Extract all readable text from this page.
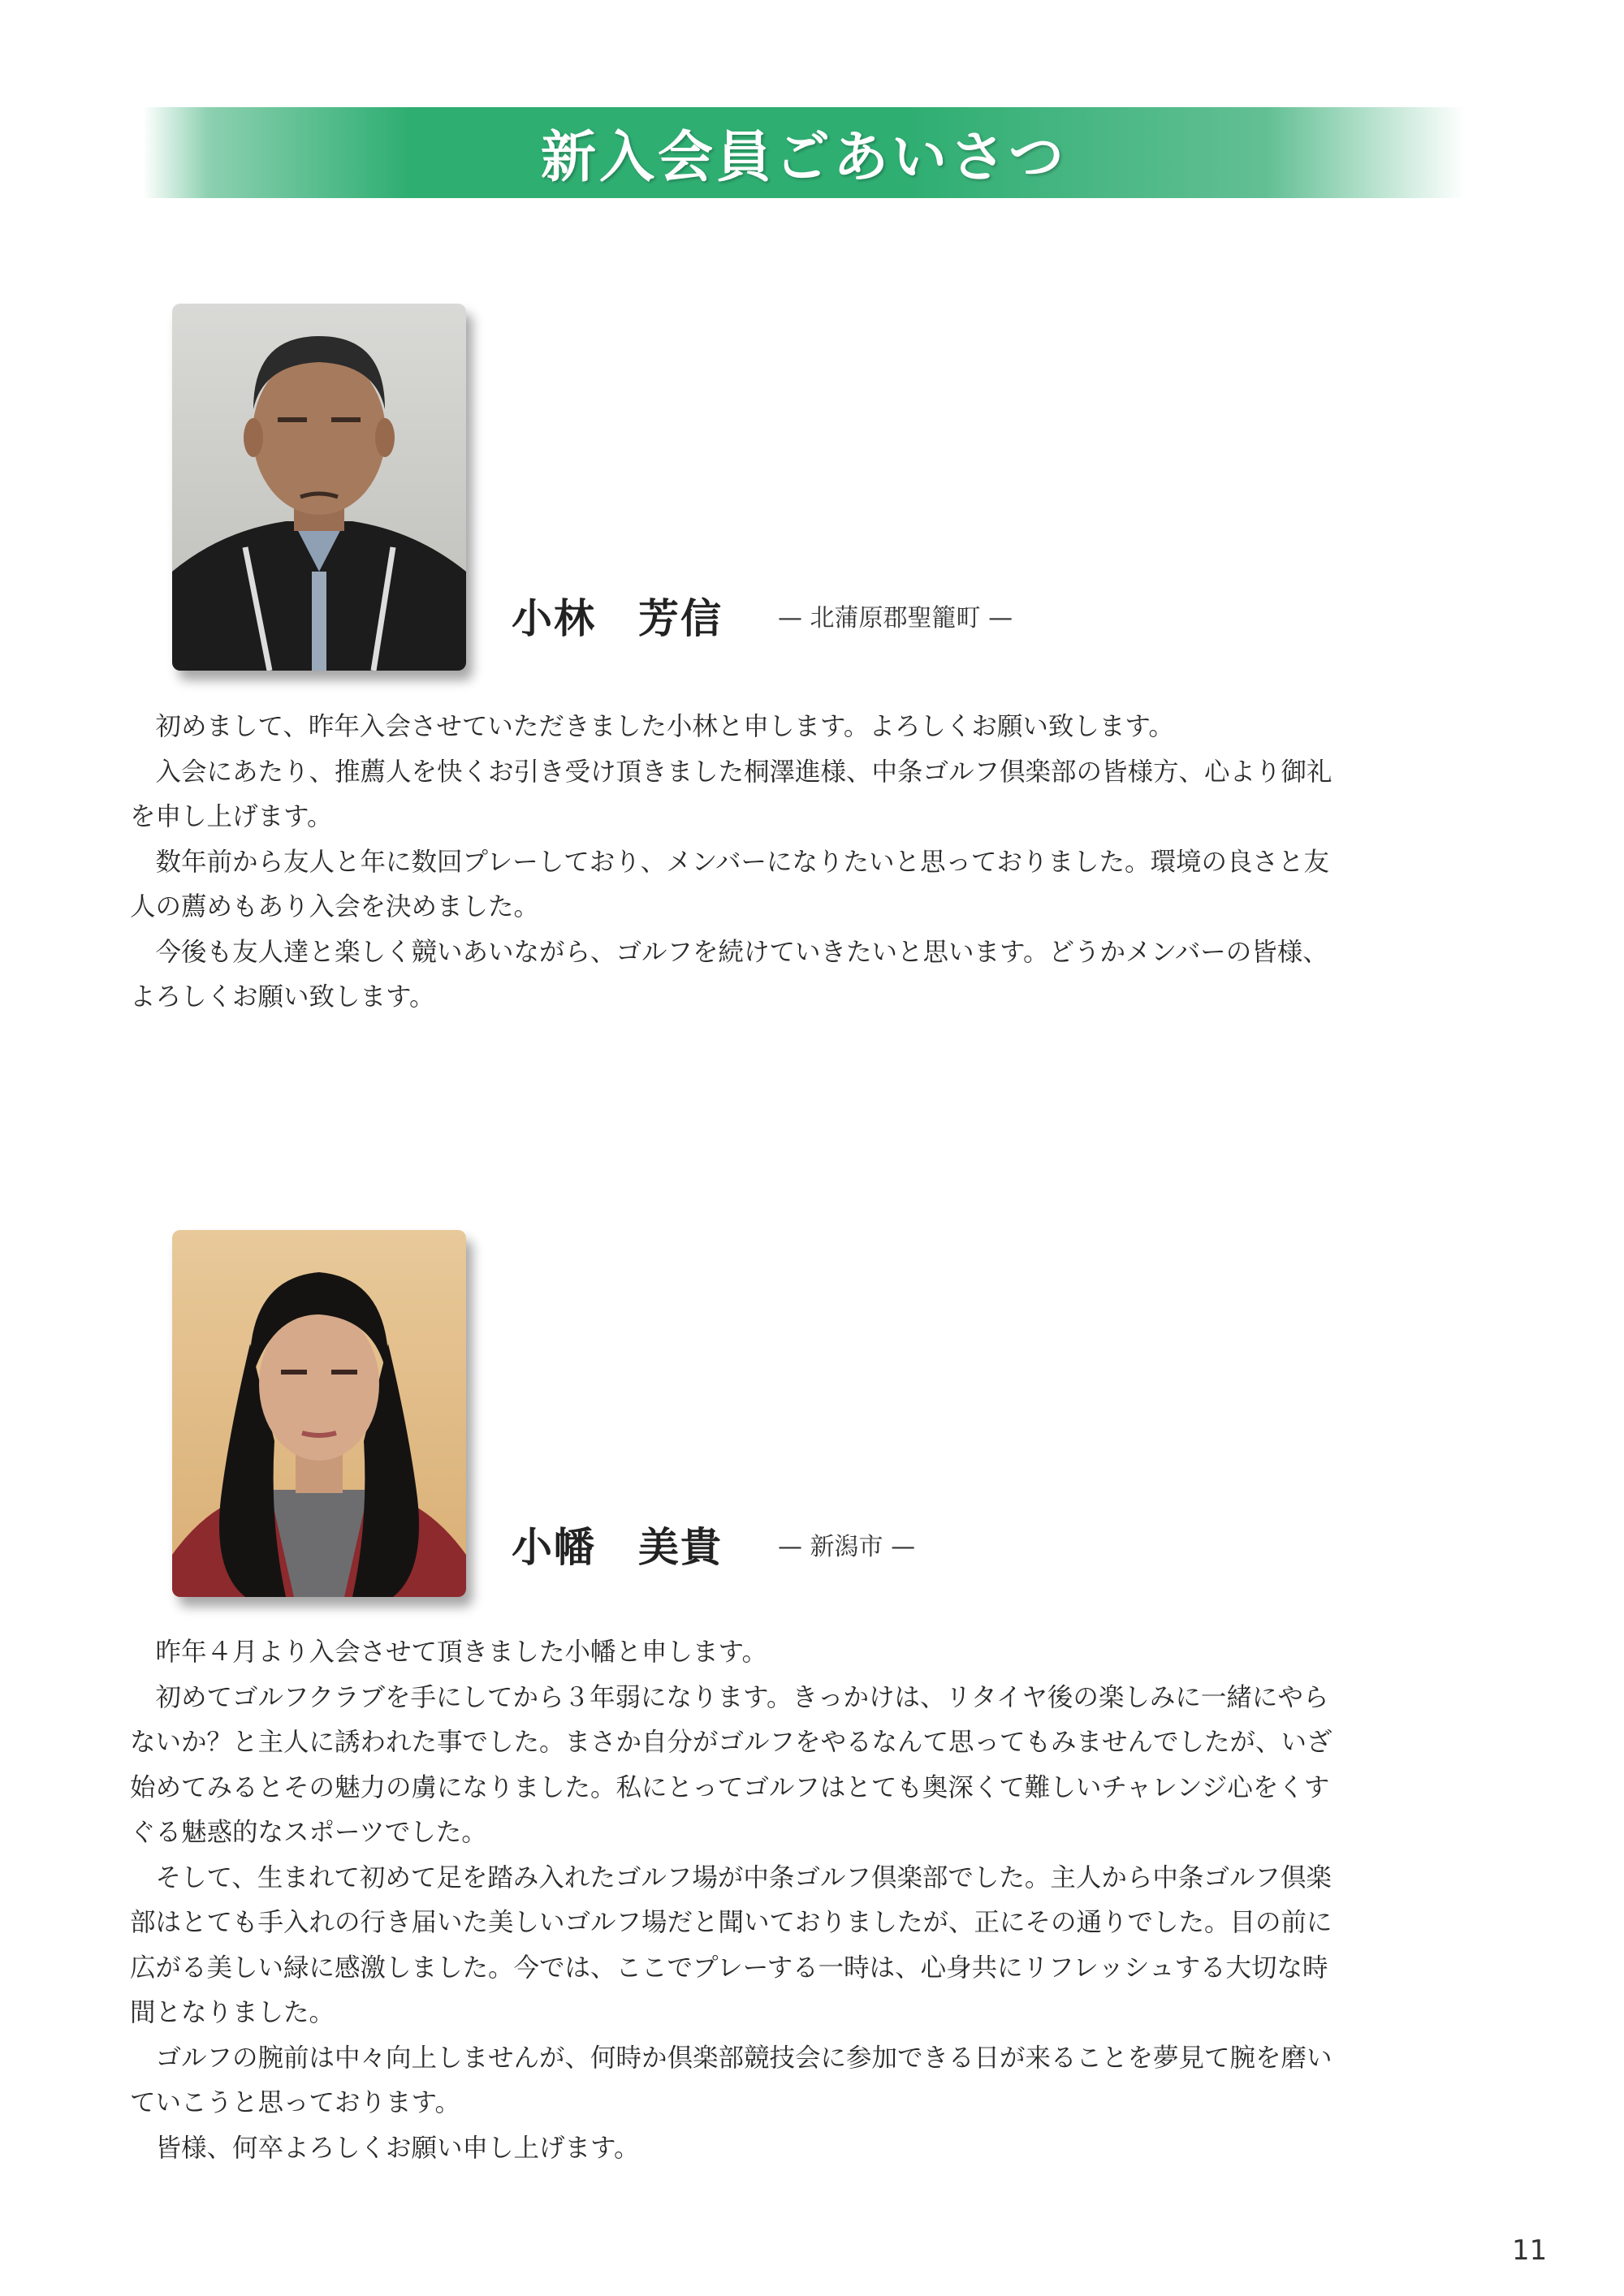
新入会員ごあいさつ
小林　芳信 — 北蒲原郡聖籠町 —

初めまして、昨年入会させていただきました小林と申します。よろしくお願い致します。

入会にあたり、推薦人を快くお引き受け頂きました桐澤進様、中条ゴルフ倶楽部の皆様方、心より御礼

を申し上げます。

数年前から友人と年に数回プレーしており、メンバーになりたいと思っておりました。環境の良さと友

人の薦めもあり入会を決めました。

今後も友人達と楽しく競いあいながら、ゴルフを続けていきたいと思います。どうかメンバーの皆様、

よろしくお願い致します。

小幡　美貴 — 新潟市 —

昨年４月より入会させて頂きました小幡と申します。

初めてゴルフクラブを手にしてから３年弱になります。きっかけは、リタイヤ後の楽しみに一緒にやら

ないか？と主人に誘われた事でした。まさか自分がゴルフをやるなんて思ってもみませんでしたが、いざ

始めてみるとその魅力の虜になりました。私にとってゴルフはとても奥深くて難しいチャレンジ心をくす

ぐる魅惑的なスポーツでした。

そして、生まれて初めて足を踏み入れたゴルフ場が中条ゴルフ倶楽部でした。主人から中条ゴルフ倶楽

部はとても手入れの行き届いた美しいゴルフ場だと聞いておりましたが、正にその通りでした。目の前に

広がる美しい緑に感激しました。今では、ここでプレーする一時は、心身共にリフレッシュする大切な時

間となりました。

ゴルフの腕前は中々向上しませんが、何時か倶楽部競技会に参加できる日が来ることを夢見て腕を磨い

ていこうと思っております。

皆様、何卒よろしくお願い申し上げます。

11
